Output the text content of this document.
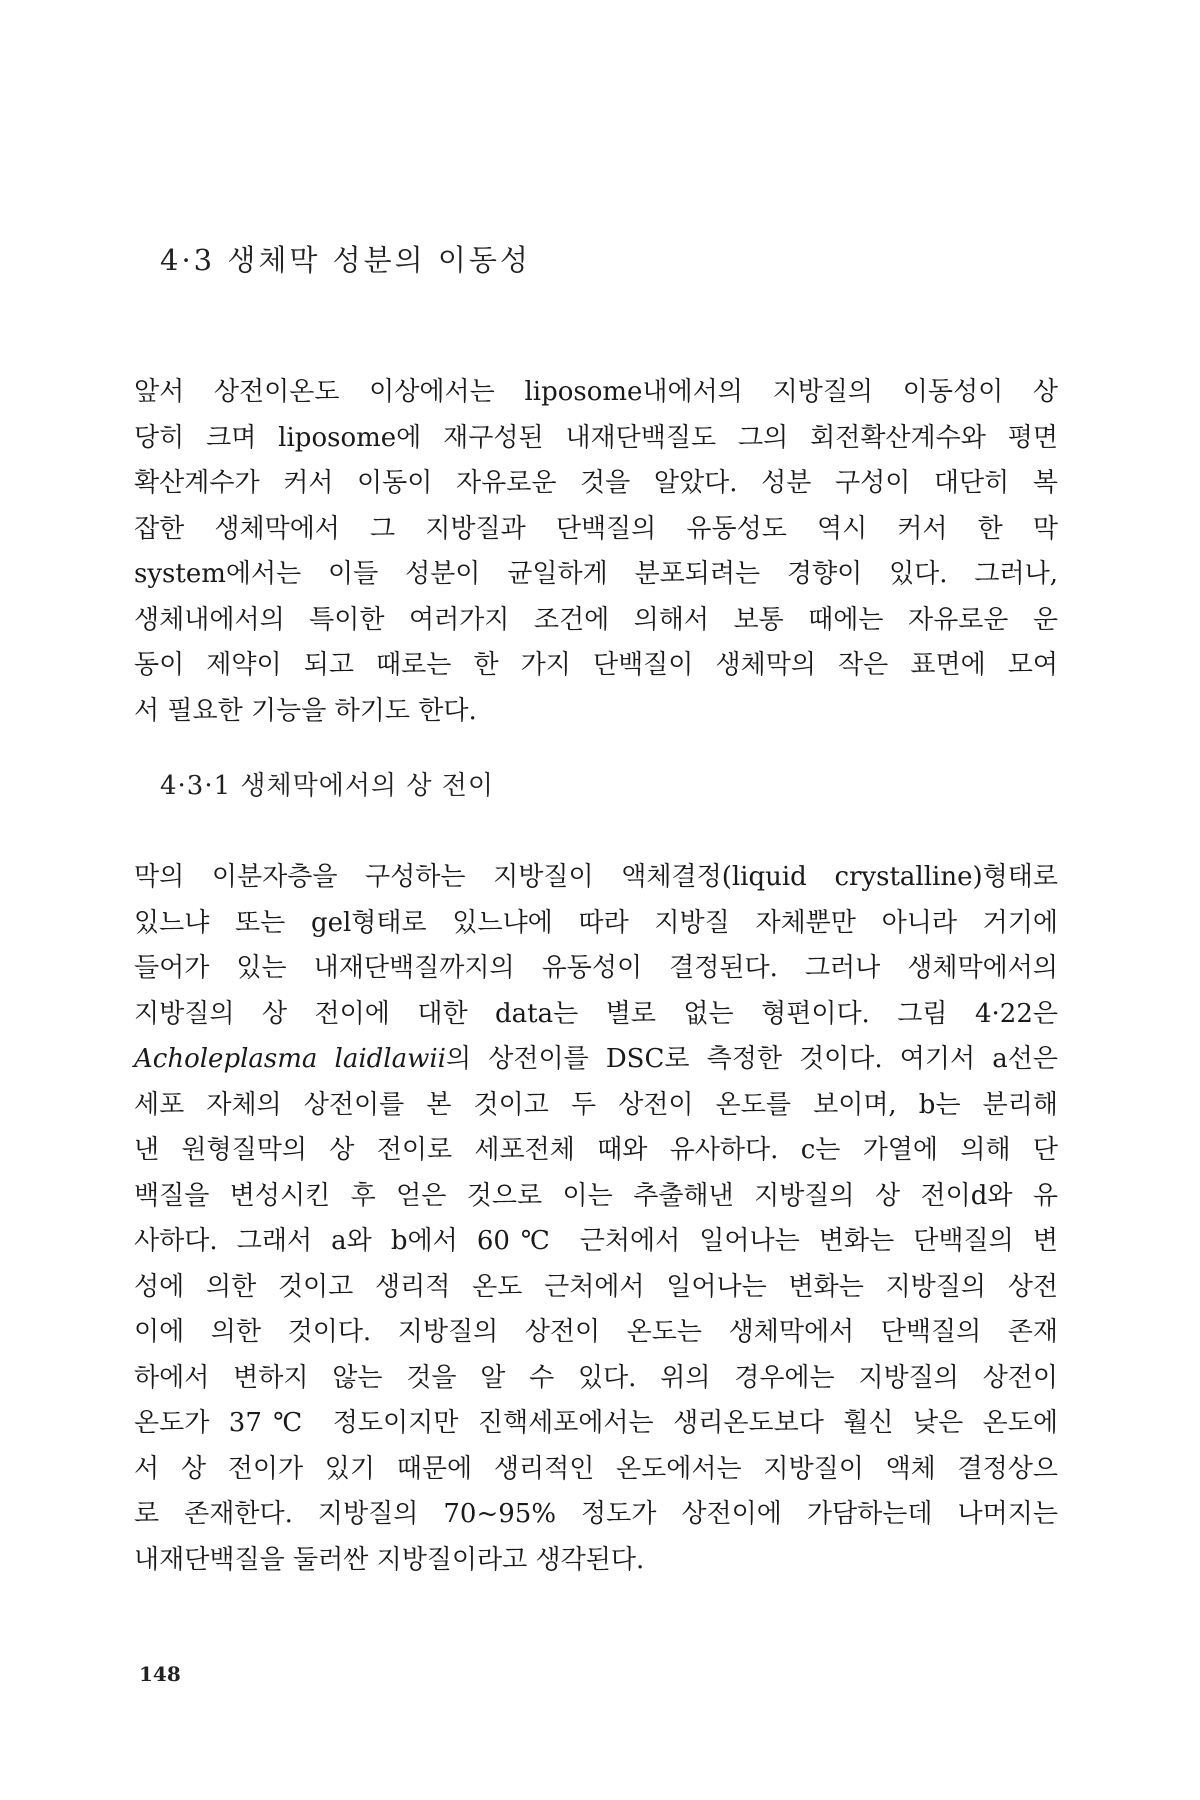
4·3 생체막 성분의 이동성
앞서 상전이온도 이상에서는 liposome내에서의 지방질의 이동성이 상
당히 크며 liposome에 재구성된 내재단백질도 그의 회전확산계수와 평면
확산계수가 커서 이동이 자유로운 것을 알았다. 성분 구성이 대단히 복
잡한 생체막에서 그 지방질과 단백질의 유동성도 역시 커서 한 막
system에서는 이들 성분이 균일하게 분포되려는 경향이 있다. 그러나,
생체내에서의 특이한 여러가지 조건에 의해서 보통 때에는 자유로운 운
동이 제약이 되고 때로는 한 가지 단백질이 생체막의 작은 표면에 모여
서 필요한 기능을 하기도 한다.
4·3·1 생체막에서의 상 전이
막의 이분자층을 구성하는 지방질이 액체결정(liquid crystalline)형태로
있느냐 또는 gel형태로 있느냐에 따라 지방질 자체뿐만 아니라 거기에
들어가 있는 내재단백질까지의 유동성이 결정된다. 그러나 생체막에서의
지방질의 상 전이에 대한 data는 별로 없는 형편이다. 그림 4·22은
Acholeplasma laidlawii의 상전이를 DSC로 측정한 것이다. 여기서 a선은
세포 자체의 상전이를 본 것이고 두 상전이 온도를 보이며, b는 분리해
낸 원형질막의 상 전이로 세포전체 때와 유사하다. c는 가열에 의해 단
백질을 변성시킨 후 얻은 것으로 이는 추출해낸 지방질의 상 전이d와 유
사하다. 그래서 a와 b에서 60℃ 근처에서 일어나는 변화는 단백질의 변
성에 의한 것이고 생리적 온도 근처에서 일어나는 변화는 지방질의 상전
이에 의한 것이다. 지방질의 상전이 온도는 생체막에서 단백질의 존재
하에서 변하지 않는 것을 알 수 있다. 위의 경우에는 지방질의 상전이
온도가 37℃ 정도이지만 진핵세포에서는 생리온도보다 훨신 낮은 온도에
서 상 전이가 있기 때문에 생리적인 온도에서는 지방질이 액체 결정상으
로 존재한다. 지방질의 70~95% 정도가 상전이에 가담하는데 나머지는
내재단백질을 둘러싼 지방질이라고 생각된다.
148
